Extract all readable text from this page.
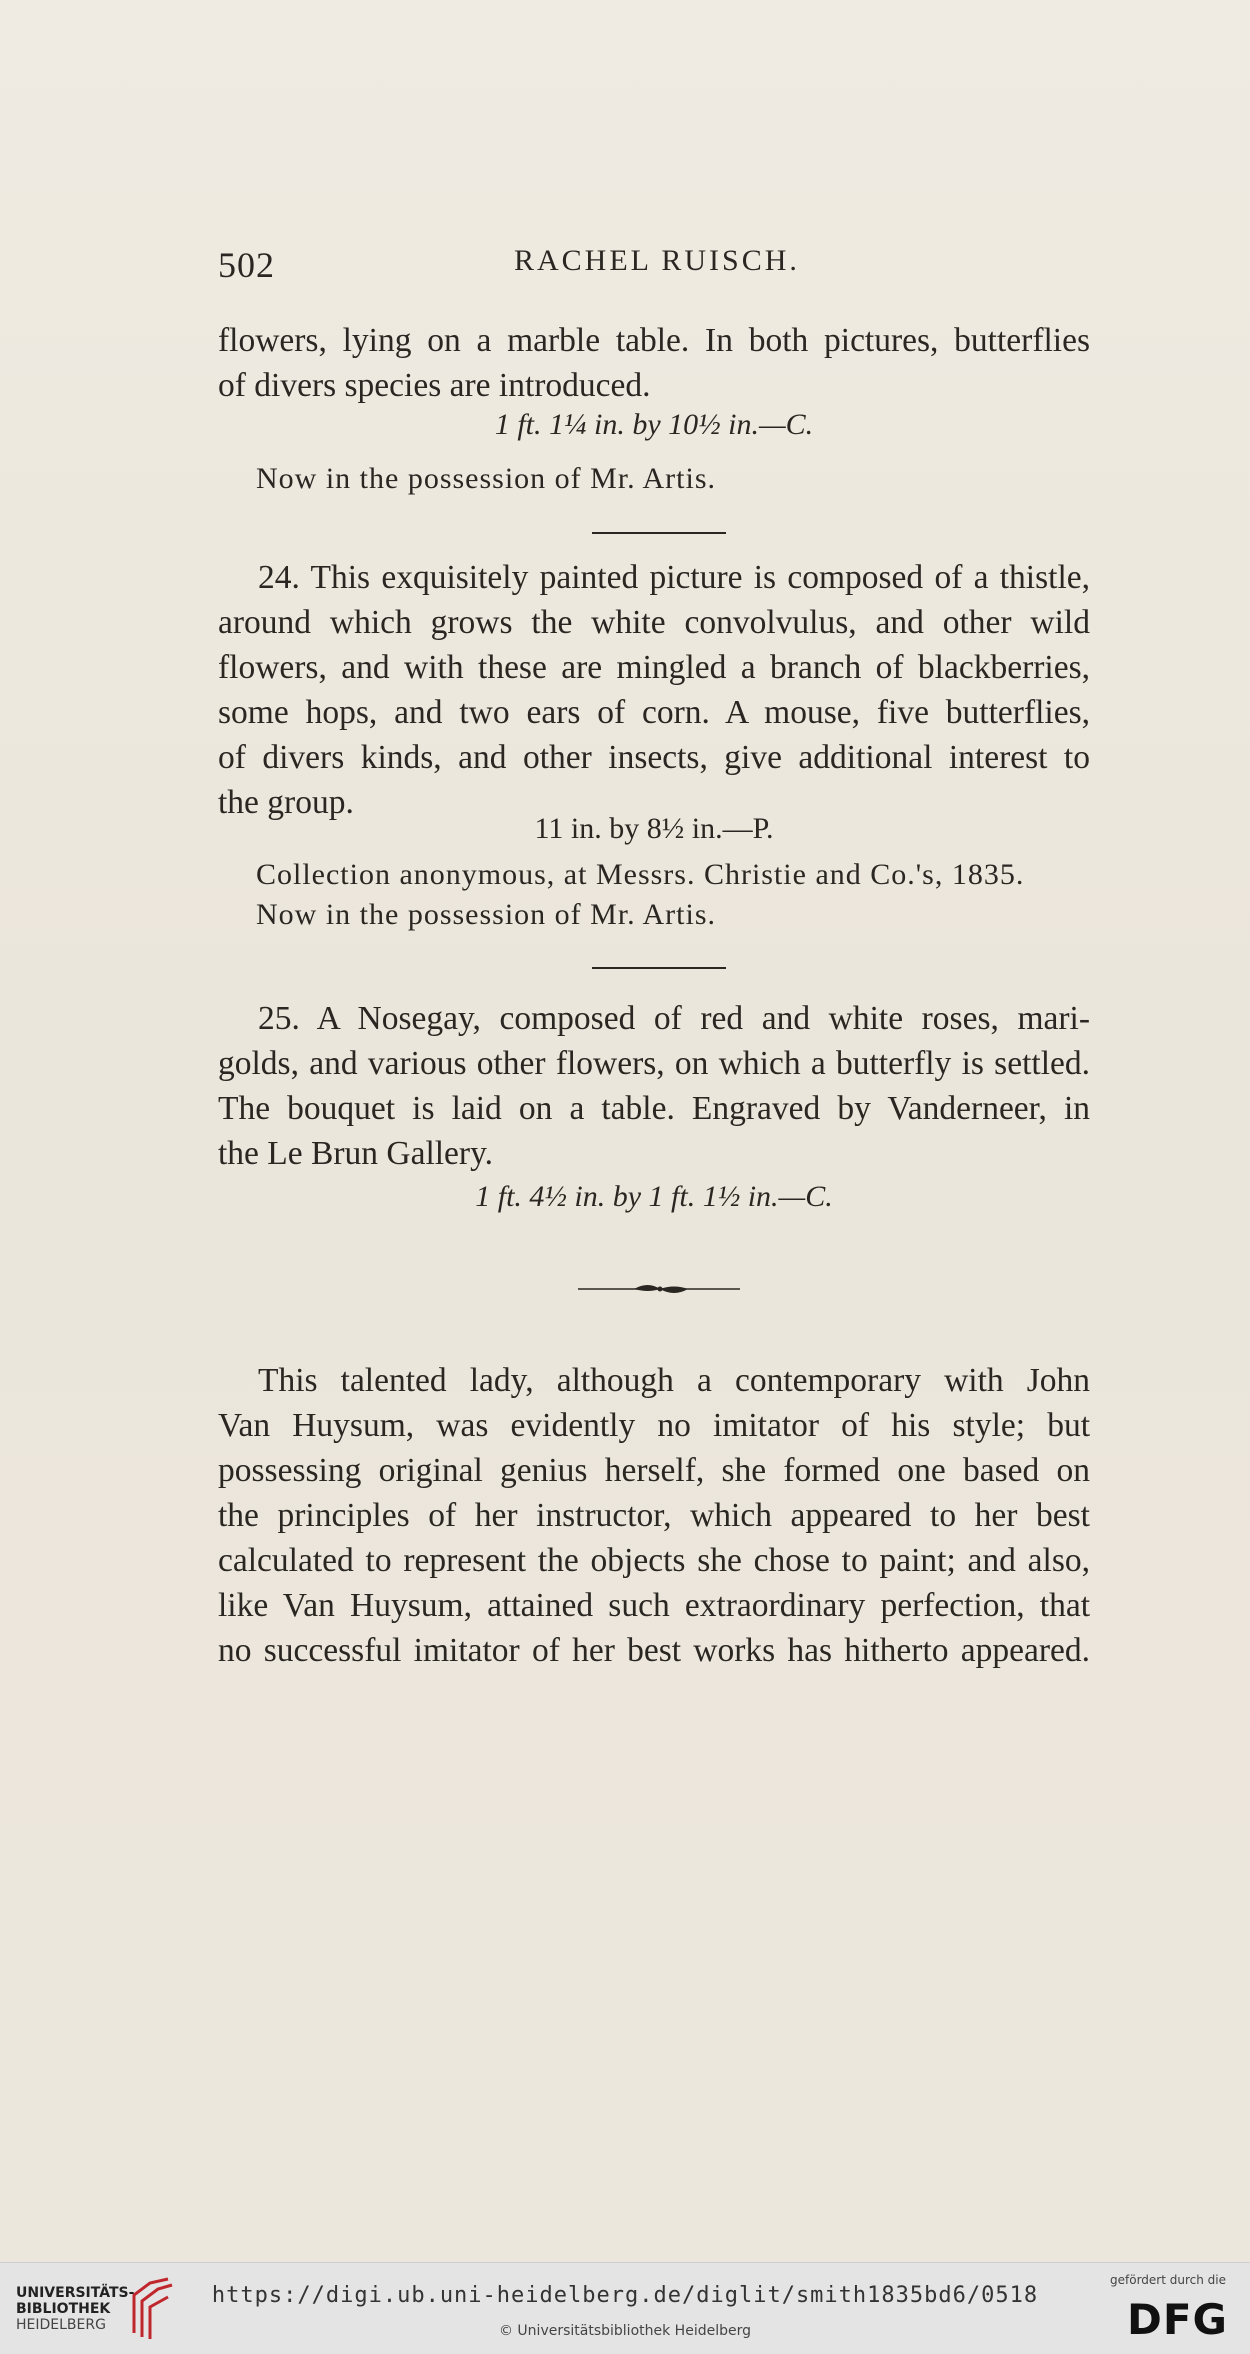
502	RACHEL RUISCH.
flowers, lying on a marble table. In both pictures, butterflies
of divers species are introduced.
1 ft. 1¼ in. by 10½ in.—C.
Now in the possession of Mr. Artis.
24. This exquisitely painted picture is composed of a thistle,
around which grows the white convolvulus, and other wild
flowers, and with these are mingled a branch of blackberries,
some hops, and two ears of corn. A mouse, five butterflies,
of divers kinds, and other insects, give additional interest to
the group.
11 in. by 8½ in.—P.
Collection anonymous, at Messrs. Christie and Co.'s, 1835.
Now in the possession of Mr. Artis.
25. A Nosegay, composed of red and white roses, mari-
golds, and various other flowers, on which a butterfly is settled.
The bouquet is laid on a table. Engraved by Vanderneer, in
the Le Brun Gallery.
1 ft. 4½ in. by 1 ft. 1½ in.—C.
This talented lady, although a contemporary with John
Van Huysum, was evidently no imitator of his style; but
possessing original genius herself, she formed one based on
the principles of her instructor, which appeared to her best
calculated to represent the objects she chose to paint; and also,
like Van Huysum, attained such extraordinary perfection, that
no successful imitator of her best works has hitherto appeared.
UNIVERSITÄTS-
BIBLIOTHEK
HEIDELBERG
https://digi.ub.uni-heidelberg.de/diglit/smith1835bd6/0518
© Universitätsbibliothek Heidelberg
gefördert durch die
DFG
